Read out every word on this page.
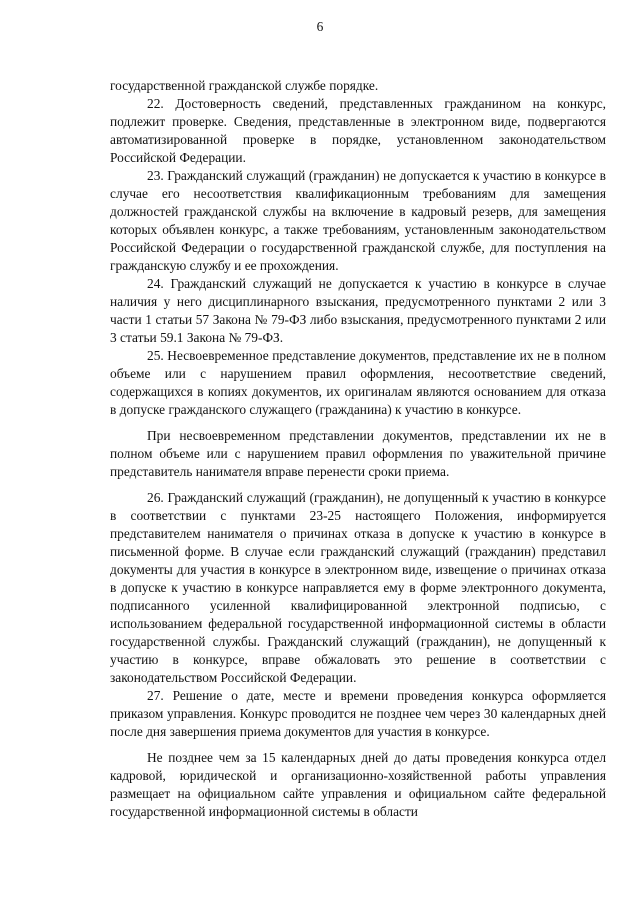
6

государственной гражданской службе порядке.

22. Достоверность сведений, представленных гражданином на конкурс, подлежит проверке. Сведения, представленные в электронном виде, подвергаются автоматизированной проверке в порядке, установленном законодательством Российской Федерации.

23. Гражданский служащий (гражданин) не допускается к участию в конкурсе в случае его несоответствия квалификационным требованиям для замещения должностей гражданской службы на включение в кадровый резерв, для замещения которых объявлен конкурс, а также требованиям, установленным законодательством Российской Федерации о государственной гражданской службе, для поступления на гражданскую службу и ее прохождения.

24. Гражданский служащий не допускается к участию в конкурсе в случае наличия у него дисциплинарного взыскания, предусмотренного пунктами 2 или 3 части 1 статьи 57 Закона № 79-ФЗ либо взыскания, предусмотренного пунктами 2 или 3 статьи 59.1 Закона № 79-ФЗ.

25. Несвоевременное представление документов, представление их не в полном объеме или с нарушением правил оформления, несоответствие сведений, содержащихся в копиях документов, их оригиналам являются основанием для отказа в допуске гражданского служащего (гражданина) к участию в конкурсе.

При несвоевременном представлении документов, представлении их не в полном объеме или с нарушением правил оформления по уважительной причине представитель нанимателя вправе перенести сроки приема.

26. Гражданский служащий (гражданин), не допущенный к участию в конкурсе в соответствии с пунктами 23-25 настоящего Положения, информируется представителем нанимателя о причинах отказа в допуске к участию в конкурсе в письменной форме. В случае если гражданский служащий (гражданин) представил документы для участия в конкурсе в электронном виде, извещение о причинах отказа в допуске к участию в конкурсе направляется ему в форме электронного документа, подписанного усиленной квалифицированной электронной подписью, с использованием федеральной государственной информационной системы в области государственной службы. Гражданский служащий (гражданин), не допущенный к участию в конкурсе, вправе обжаловать это решение в соответствии с законодательством Российской Федерации.

27. Решение о дате, месте и времени проведения конкурса оформляется приказом управления. Конкурс проводится не позднее чем через 30 календарных дней после дня завершения приема документов для участия в конкурсе.

Не позднее чем за 15 календарных дней до даты проведения конкурса отдел кадровой, юридической и организационно-хозяйственной работы управления размещает на официальном сайте управления и официальном сайте федеральной государственной информационной системы в области
